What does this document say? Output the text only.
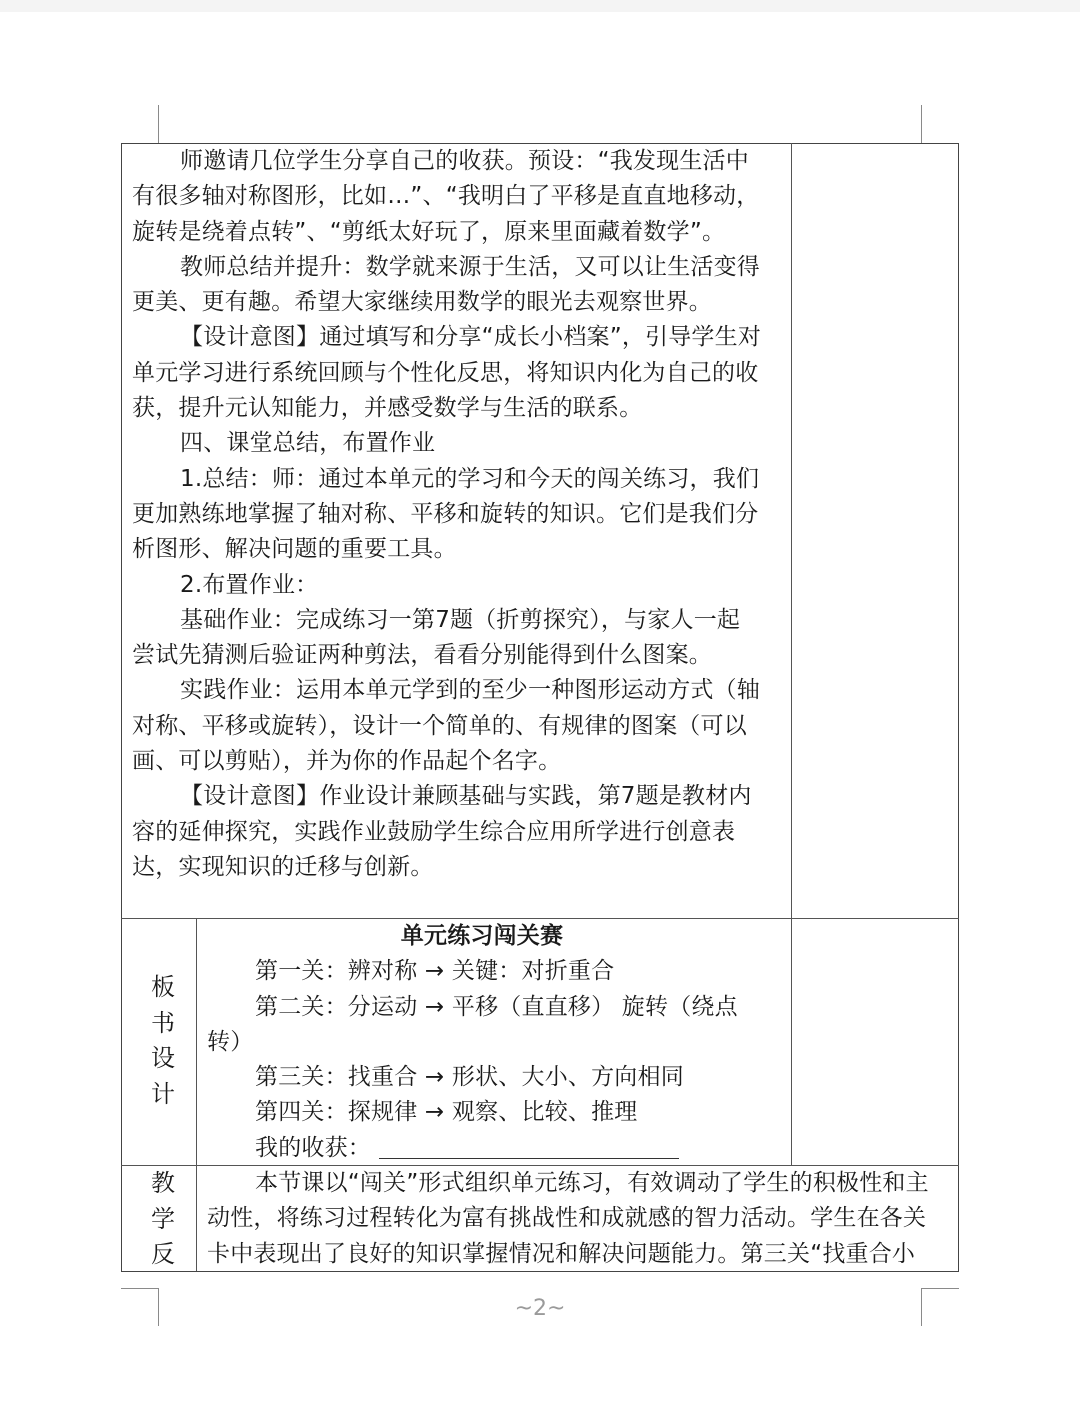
师邀请几位学生分享自己的收获。预设：“我发现生活中

有很多轴对称图形，比如…”、“我明白了平移是直直地移动，

旋转是绕着点转”、“剪纸太好玩了，原来里面藏着数学”。

教师总结并提升：数学就来源于生活，又可以让生活变得

更美、更有趣。希望大家继续用数学的眼光去观察世界。

【设计意图】通过填写和分享“成长小档案”，引导学生对

单元学习进行系统回顾与个性化反思，将知识内化为自己的收

获，提升元认知能力，并感受数学与生活的联系。

四、课堂总结，布置作业

1.总结：师：通过本单元的学习和今天的闯关练习，我们

更加熟练地掌握了轴对称、平移和旋转的知识。它们是我们分

析图形、解决问题的重要工具。

2.布置作业：

基础作业：完成练习一第7题（折剪探究），与家人一起

尝试先猜测后验证两种剪法，看看分别能得到什么图案。

实践作业：运用本单元学到的至少一种图形运动方式（轴

对称、平移或旋转），设计一个简单的、有规律的图案（可以

画、可以剪贴），并为你的作品起个名字。

【设计意图】作业设计兼顾基础与实践，第7题是教材内

容的延伸探究，实践作业鼓励学生综合应用所学进行创意表

达，实现知识的迁移与创新。

板
书
设
计

单元练习闯关赛

第一关：辨对称 → 关键：对折重合

第二关：分运动 → 平移（直直移） 旋转（绕点

转）

第三关：找重合 → 形状、大小、方向相同

第四关：探规律 → 观察、比较、推理

我的收获：

教
学
反

本节课以“闯关”形式组织单元练习，有效调动了学生的积极性和主

动性，将练习过程转化为富有挑战性和成就感的智力活动。学生在各关

卡中表现出了良好的知识掌握情况和解决问题能力。第三关“找重合小

~2~
